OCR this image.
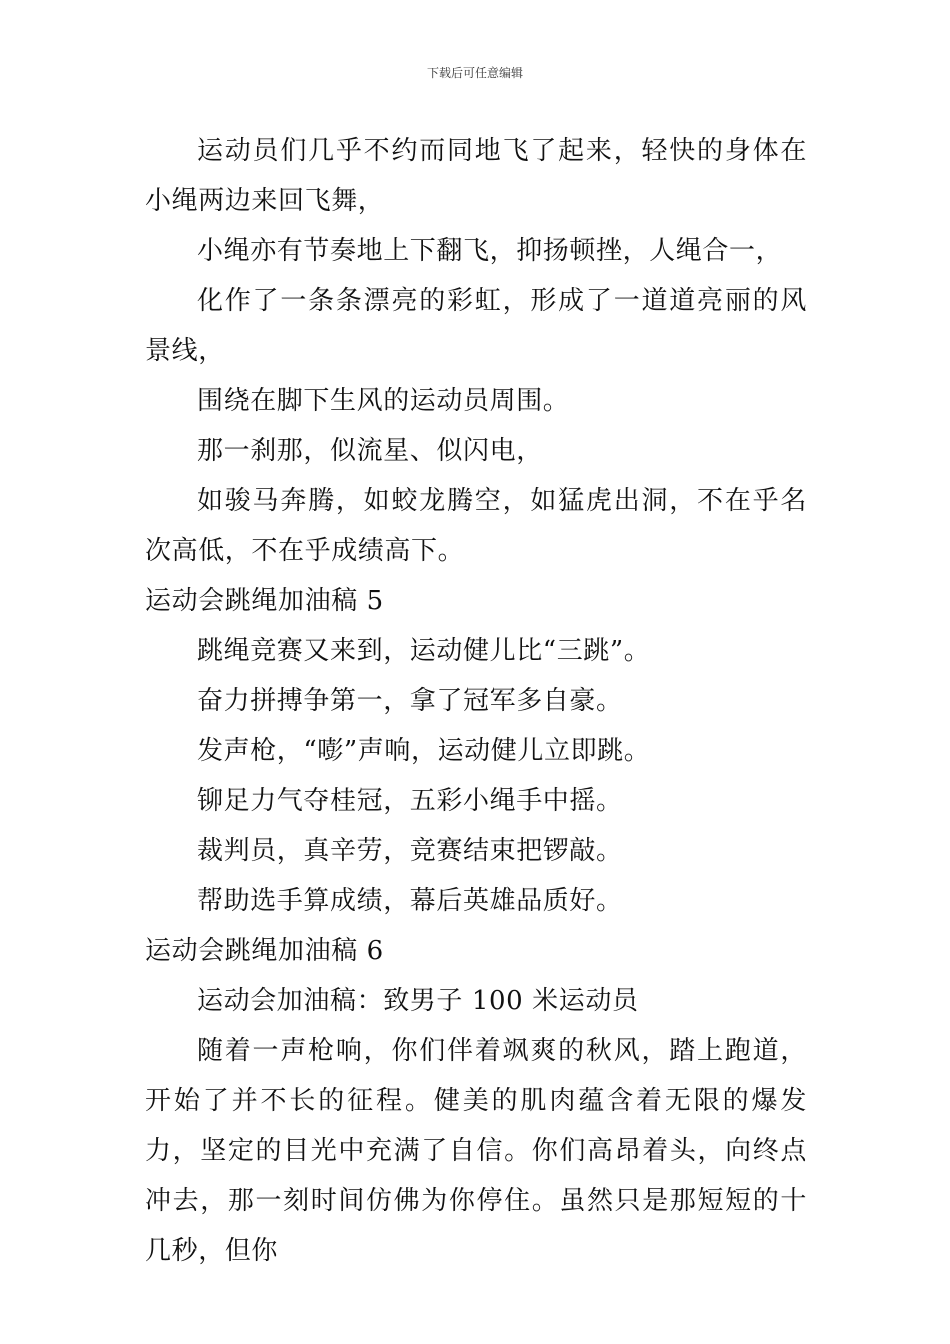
下载后可任意编辑

运动员们几乎不约而同地飞了起来，轻快的身体在小绳两边来回飞舞，

小绳亦有节奏地上下翻飞，抑扬顿挫，人绳合一，

化作了一条条漂亮的彩虹，形成了一道道亮丽的风景线，

围绕在脚下生风的运动员周围。

那一刹那，似流星、似闪电，

如骏马奔腾，如蛟龙腾空，如猛虎出洞，不在乎名次高低，不在乎成绩高下。

运动会跳绳加油稿 5

跳绳竞赛又来到，运动健儿比“三跳”。

奋力拼搏争第一，拿了冠军多自豪。

发声枪，“嘭”声响，运动健儿立即跳。

铆足力气夺桂冠，五彩小绳手中摇。

裁判员，真辛劳，竞赛结束把锣敲。

帮助选手算成绩，幕后英雄品质好。

运动会跳绳加油稿 6

运动会加油稿：致男子 100 米运动员

随着一声枪响，你们伴着飒爽的秋风，踏上跑道，开始了并不长的征程。健美的肌肉蕴含着无限的爆发力，坚定的目光中充满了自信。你们高昂着头，向终点冲去，那一刻时间仿佛为你停住。虽然只是那短短的十几秒，但你
